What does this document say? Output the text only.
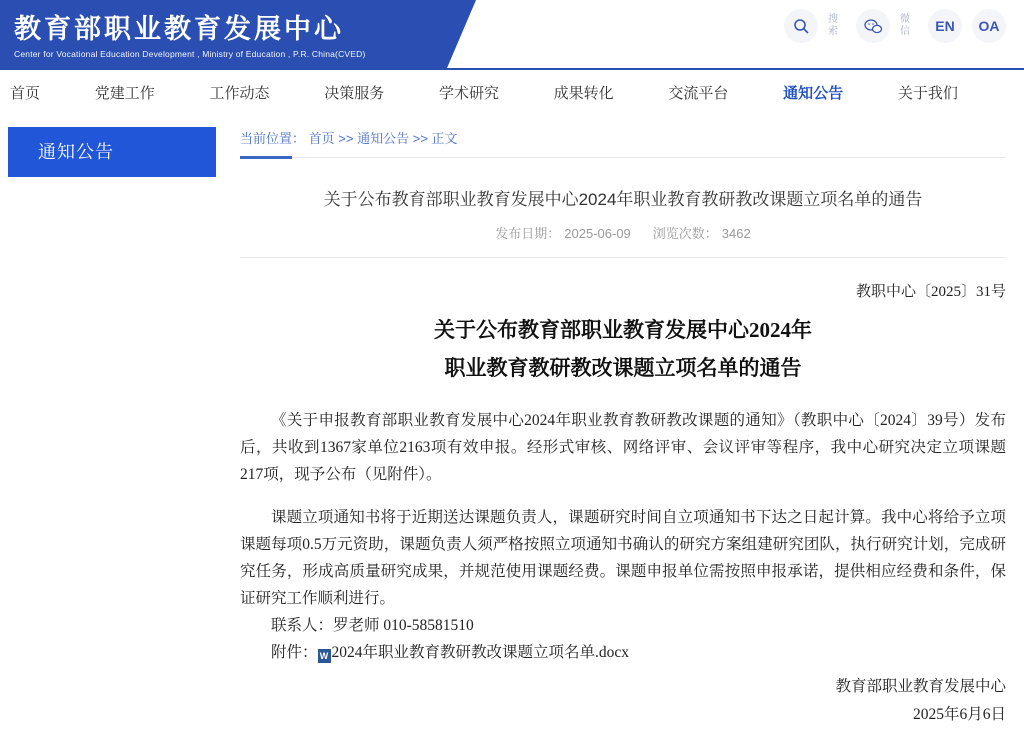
教育部职业教育发展中心
Center for Vocational Education Development , Ministry of Education , P.R. China(CVED)
搜索
微信	EN	OA
首页	党建工作	工作动态	决策服务	学术研究	成果转化	交流平台	通知公告	关于我们
通知公告
当前位置： 首页 >> 通知公告 >> 正文
关于公布教育部职业教育发展中心2024年职业教育教研教改课题立项名单的通告
发布日期： 2025-06-09 浏览次数： 3462
教职中心〔2025〕31号
关于公布教育部职业教育发展中心2024年
职业教育教研教改课题立项名单的通告
《关于申报教育部职业教育发展中心2024年职业教育教研教改课题的通知》（教职中心〔2024〕39号）发布后，共收到1367家单位2163项有效申报。经形式审核、网络评审、会议评审等程序，我中心研究决定立项课题217项，现予公布（见附件）。
课题立项通知书将于近期送达课题负责人，课题研究时间自立项通知书下达之日起计算。我中心将给予立项课题每项0.5万元资助，课题负责人须严格按照立项通知书确认的研究方案组建研究团队，执行研究计划，完成研究任务，形成高质量研究成果，并规范使用课题经费。课题申报单位需按照申报承诺，提供相应经费和条件，保证研究工作顺利进行。
联系人：罗老师 010-58581510
附件： W 2024年职业教育教研教改课题立项名单.docx
教育部职业教育发展中心
2025年6月6日
